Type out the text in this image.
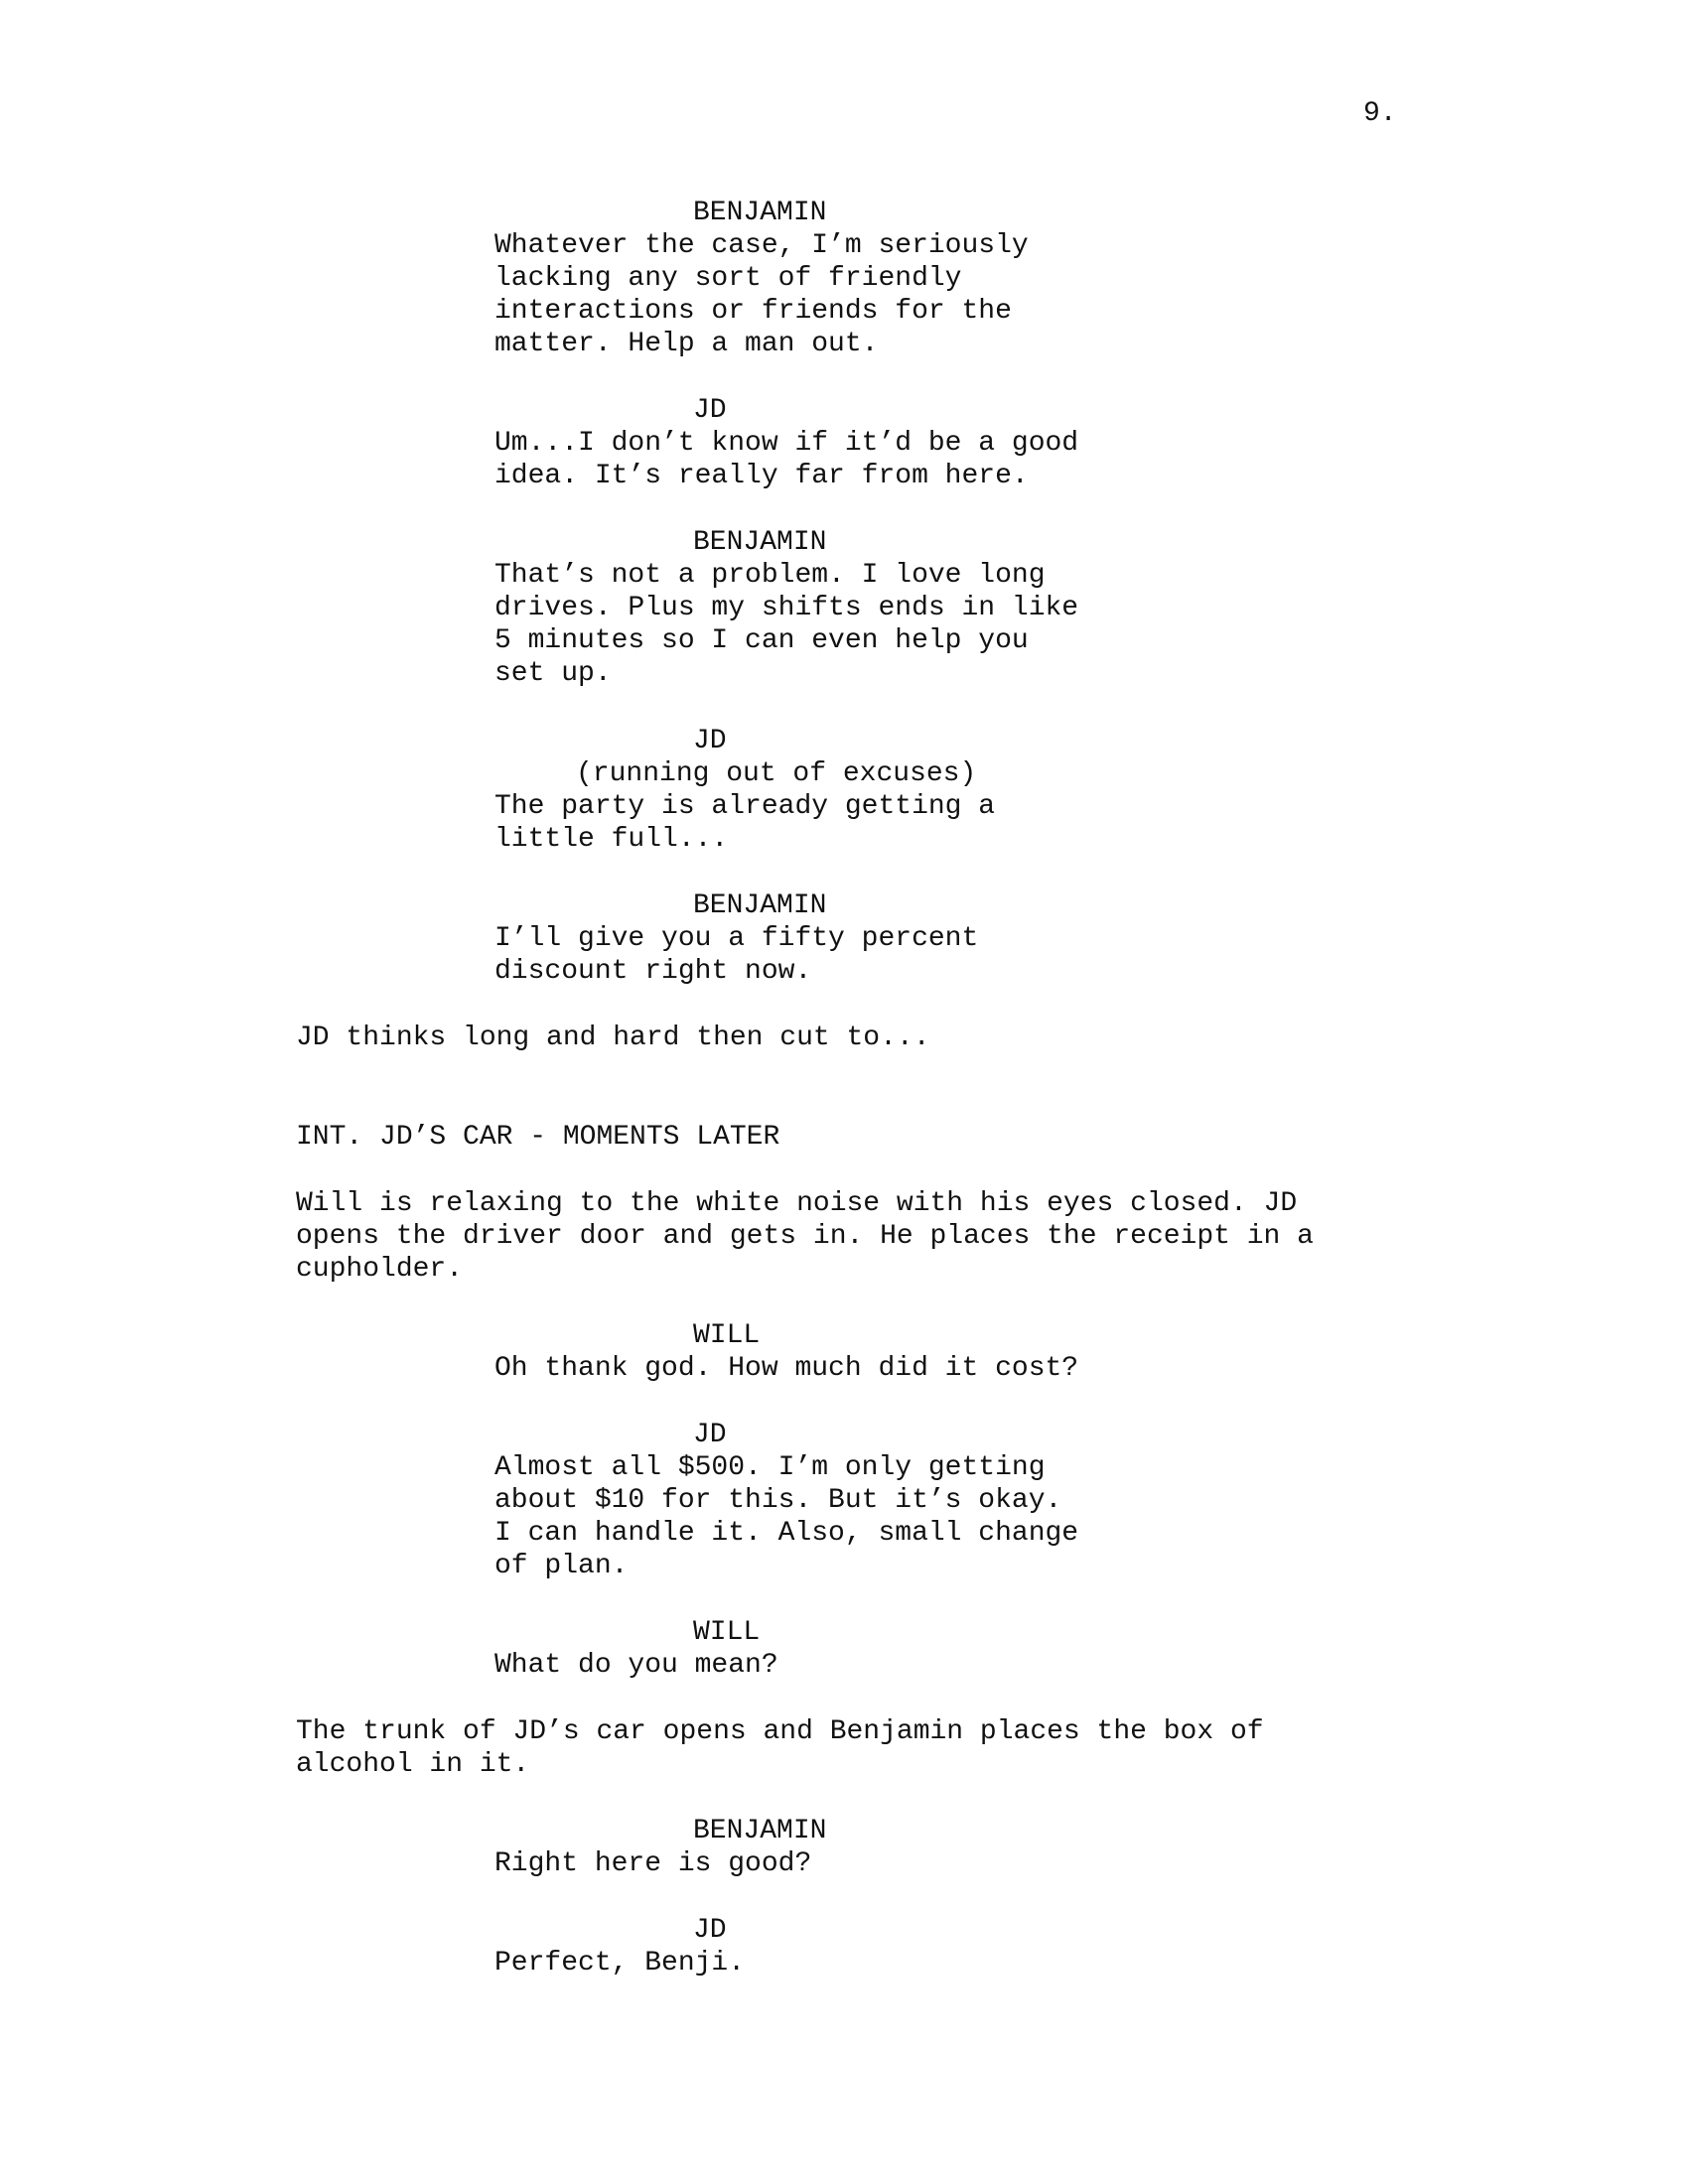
9.
BENJAMIN
Whatever the case, I’m seriously
lacking any sort of friendly
interactions or friends for the
matter. Help a man out.
JD
Um...I don’t know if it’d be a good
idea. It’s really far from here.
BENJAMIN
That’s not a problem. I love long
drives. Plus my shifts ends in like
5 minutes so I can even help you
set up.
JD
(running out of excuses)
The party is already getting a
little full...
BENJAMIN
I’ll give you a fifty percent
discount right now.
JD thinks long and hard then cut to...
INT. JD’S CAR - MOMENTS LATER
Will is relaxing to the white noise with his eyes closed. JD
opens the driver door and gets in. He places the receipt in a
cupholder.
WILL
Oh thank god. How much did it cost?
JD
Almost all $500. I’m only getting
about $10 for this. But it’s okay.
I can handle it. Also, small change
of plan.
WILL
What do you mean?
The trunk of JD’s car opens and Benjamin places the box of
alcohol in it.
BENJAMIN
Right here is good?
JD
Perfect, Benji.
